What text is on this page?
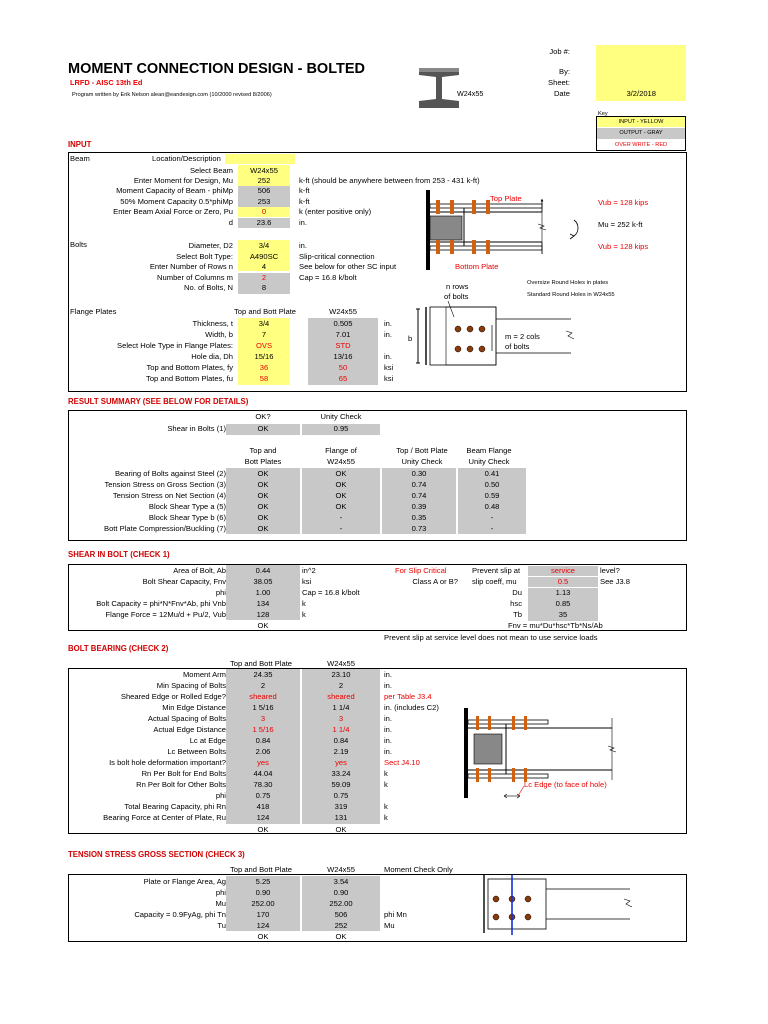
MOMENT CONNECTION DESIGN - BOLTED
LRFD - AISC 13th Ed
Program written by Erik Nelson alean@eandesign.com (10/2000 revised 8/2006)	W24x55
Job #:
By:
Sheet:
Date	3/2/2018
Key
INPUT - YELLOW
OUTPUT - GRAY
OVER WRITE - RED
INPUT
Beam	Location/Description
Select Beam	W24x55
Enter Moment for Design, Mu	252	k-ft (should be anywhere between from 253 - 431 k-ft)
Moment Capacity of Beam - phiMp	506	k-ft
50% Moment Capacity 0.5*phiMp	253	k-ft
Enter Beam Axial Force or Zero, Pu	0	k (enter positive only)
d	23.6	in.
Bolts	Diameter, D2	3/4	in.
Select Bolt Type:	A490SC	Slip-critical connection
Enter Number of Rows n	4	See below for other SC input
Number of Columns m	2	Cap = 16.8 k/bolt
No. of Bolts, N	8
Flange Plates	Top and Bott Plate	W24x55
Thickness, t	3/4	0.505	in.
Width, b	7	7.01	in.
Select Hole Type in Flange Plates:	OVS	STD
Hole dia, Dh	15/16	13/16	in.
Top and Bottom Plates, fy	36	50	ksi
Top and Bottom Plates, fu	58	65	ksi
Top Plate
Bottom Plate
Vub = 128 kips
Mu = 252 k-ft
Vub = 128 kips
Oversize Round Holes in plates
Standard Round Holes in W24x55
n rows
of bolts
b	m = 2 cols
of bolts
RESULT SUMMARY (SEE BELOW FOR DETAILS)
OK?	Unity Check
Shear in Bolts (1)	OK	0.95
Top and
Bott Plates
Flange of
W24x55
Top / Bott Plate
Unity Check
Beam Flange
Unity Check
Bearing of Bolts against Steel (2)	OK	OK	0.30	0.41
Tension Stress on Gross Section (3)	OK	OK	0.74	0.50
Tension Stress on Net Section (4)	OK	OK	0.74	0.59
Block Shear Type a (5)	OK	OK	0.39	0.48
Block Shear Type b (6)	OK	-	0.35	-
Bott Plate Compression/Buckling (7)	OK	-	0.73	-
SHEAR IN BOLT (CHECK 1)
Area of Bolt, Ab	0.44	in^2
Bolt Shear Capacity, Fnv	38.05	ksi
phi	1.00	Cap = 16.8 k/bolt
Bolt Capacity = phi*N*Fnv*Ab, phi Vnb	134	k
Flange Force = 12Mu/d + Pu/2, Vub	128	k
OK
For Slip Critical	Prevent slip at	service	level?
Class A or B? slip coeff, mu	0.5	See J3.8
Du	1.13
hsc	0.85
Tb	35
Fnv = mu*Du*hsc*Tb*Ns/Ab
Prevent slip at service level does not mean to use service loads
BOLT BEARING (CHECK 2)
Top and Bott Plate	W24x55
Moment Arm	24.35	23.10	in.
Min Spacing of Bolts	2	2	in.
Sheared Edge or Rolled Edge?	sheared	sheared	per Table J3.4
Min Edge Distance	1 5/16	1 1/4	in. (includes C2)
Actual Spacing of Bolts	3	3	in.
Actual Edge Distance	1 5/16	1 1/4	in.
Lc at Edge	0.84	0.84	in.
Lc Between Bolts	2.06	2.19	in.
Is bolt hole deformation important?	yes	yes	Sect J4.10
Rn Per Bolt for End Bolts	44.04	33.24	k
Rn Per Bolt for Other Bolts	78.30	59.09	k
phi	0.75	0.75
Total Bearing Capacity, phi Rn	418	319	k
Bearing Force at Center of Plate, Ru	124	131	k
OK	OK
Lc Edge (to face of hole)
TENSION STRESS GROSS SECTION (CHECK 3)
Top and Bott Plate	W24x55	Moment Check Only
Plate or Flange Area, Ag	5.25	3.54
phi	0.90	0.90
Mu	252.00	252.00
Capacity = 0.9FyAg, phi Tn	170	506	phi Mn
Tu	124	252	Mu
OK	OK
